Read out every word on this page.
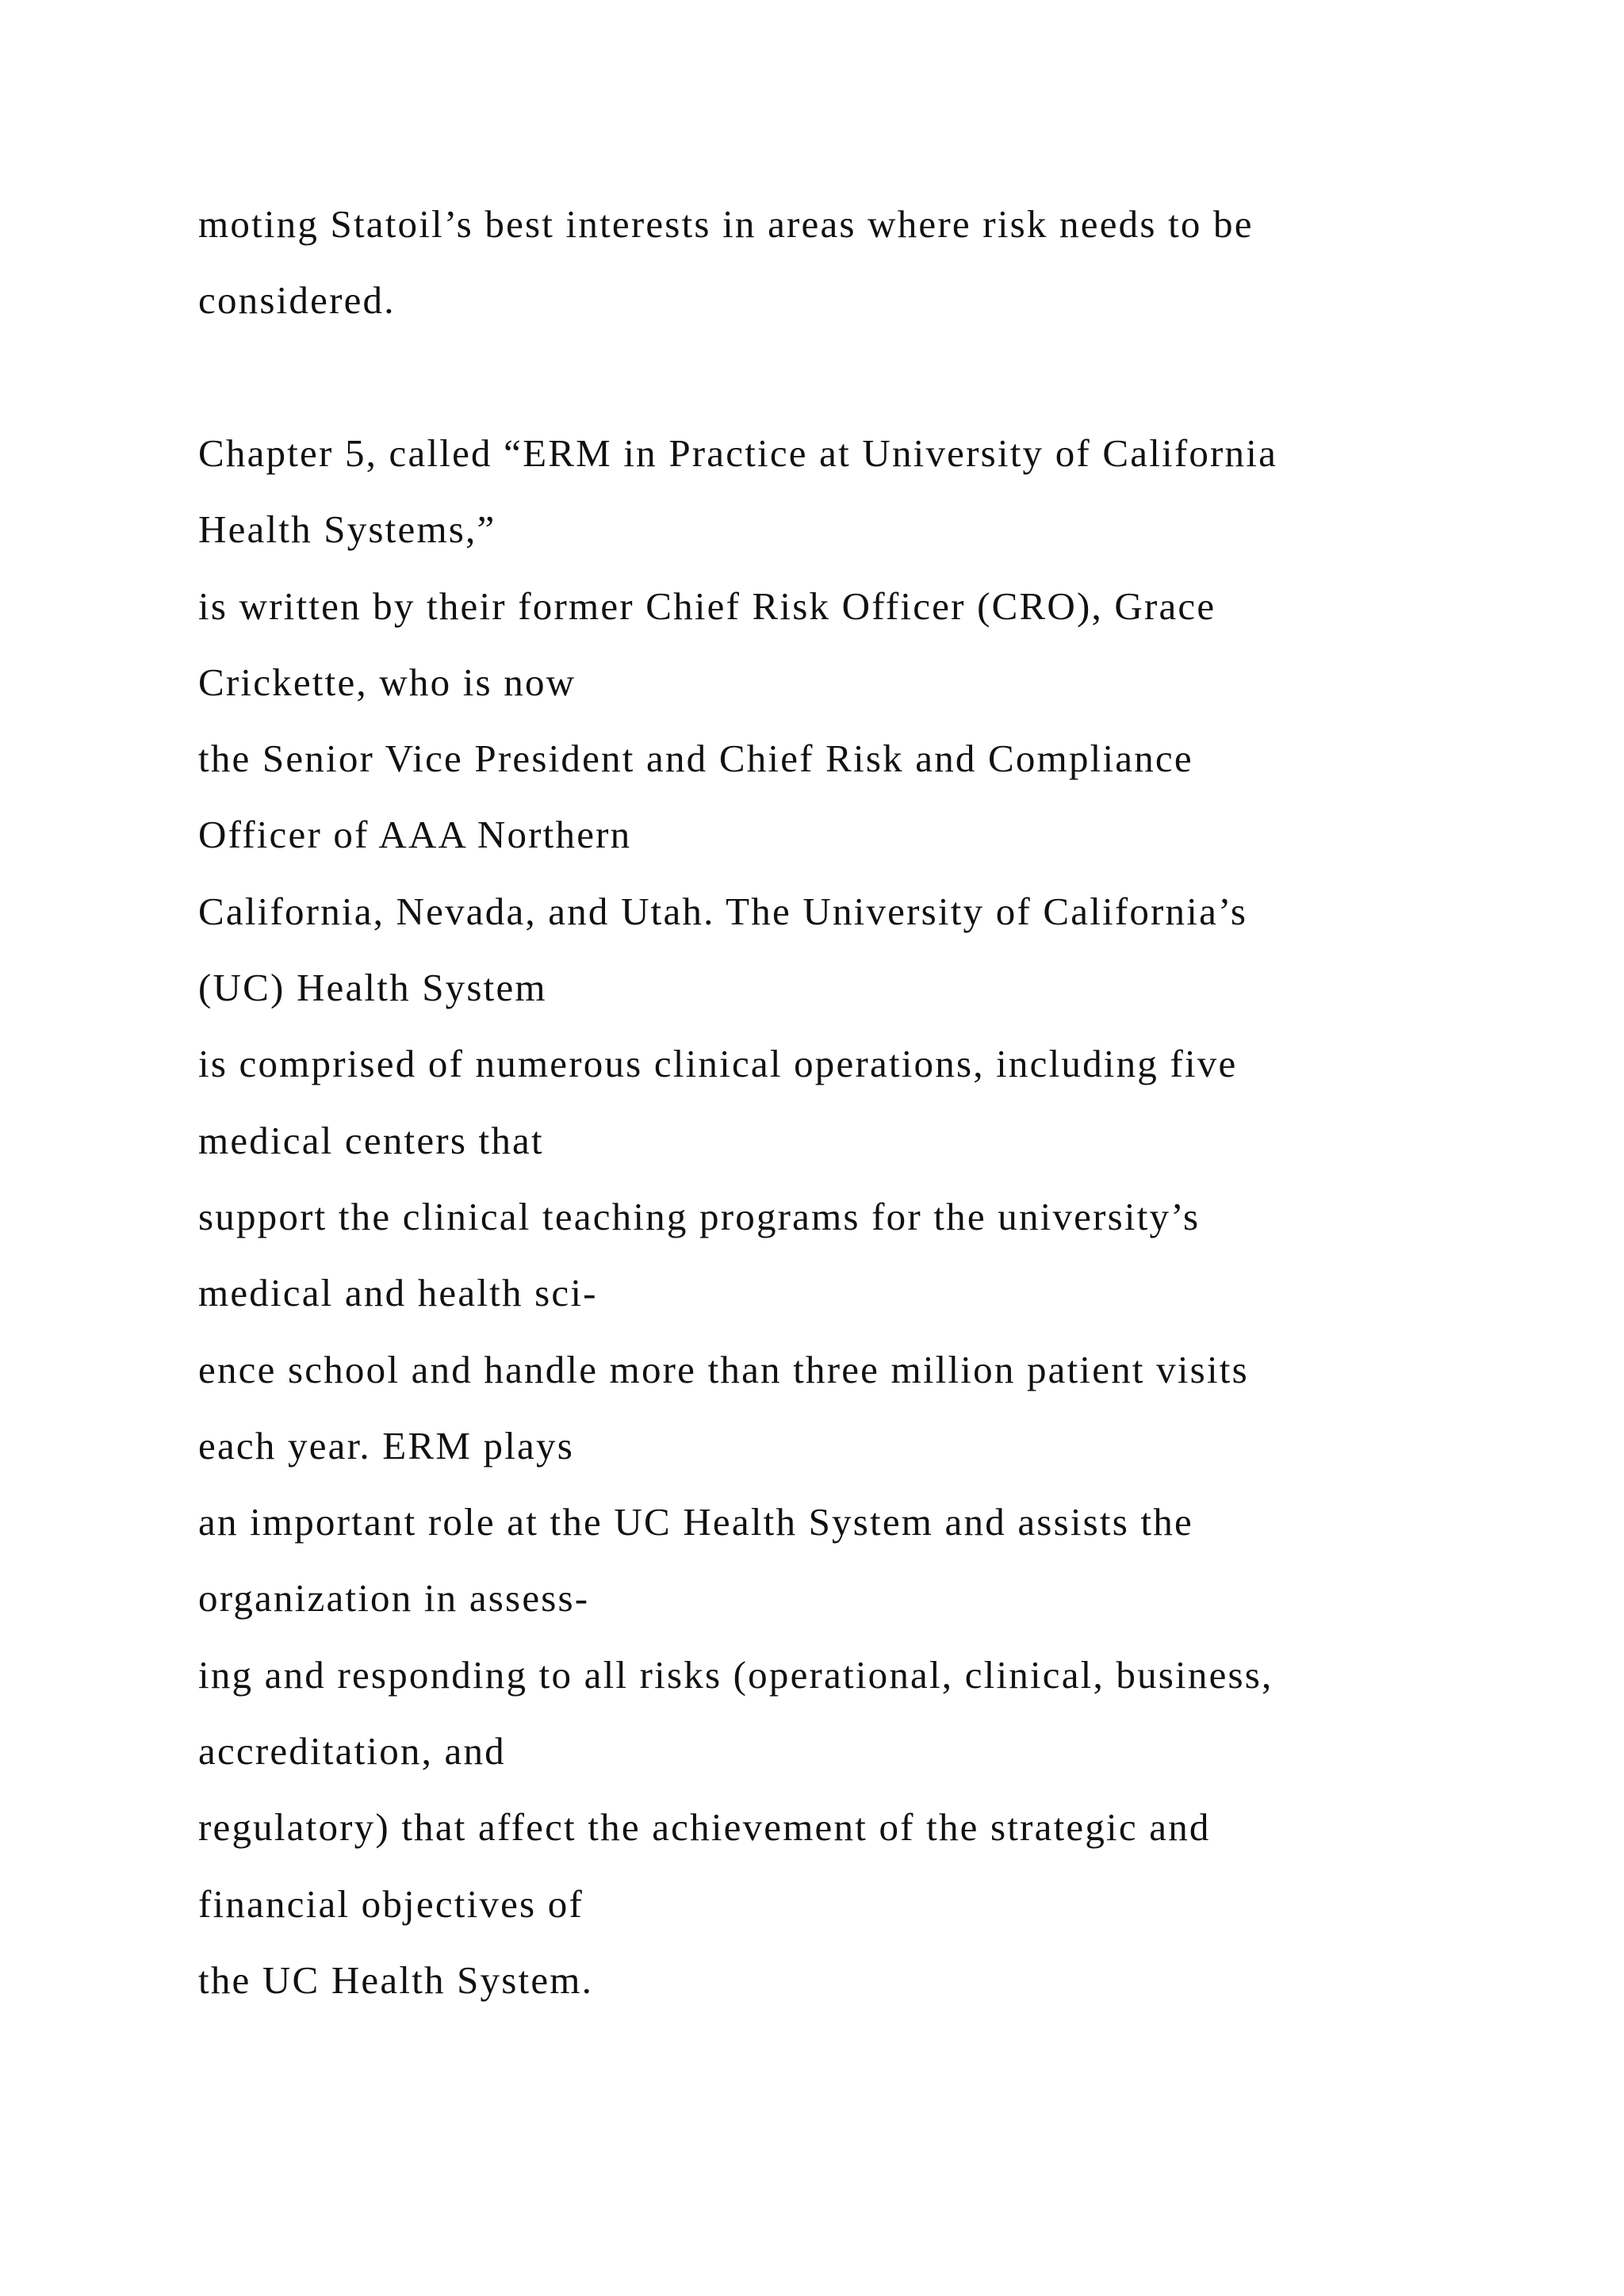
moting Statoil’s best interests in areas where risk needs to be
considered.
Chapter 5, called “ERM in Practice at University of California
Health Systems,”
is written by their former Chief Risk Officer (CRO), Grace
Crickette, who is now
the Senior Vice President and Chief Risk and Compliance
Officer of AAA Northern
California, Nevada, and Utah. The University of California’s
(UC) Health System
is comprised of numerous clinical operations, including five
medical centers that
support the clinical teaching programs for the university’s
medical and health sci-
ence school and handle more than three million patient visits
each year. ERM plays
an important role at the UC Health System and assists the
organization in assess-
ing and responding to all risks (operational, clinical, business,
accreditation, and
regulatory) that affect the achievement of the strategic and
financial objectives of
the UC Health System.
